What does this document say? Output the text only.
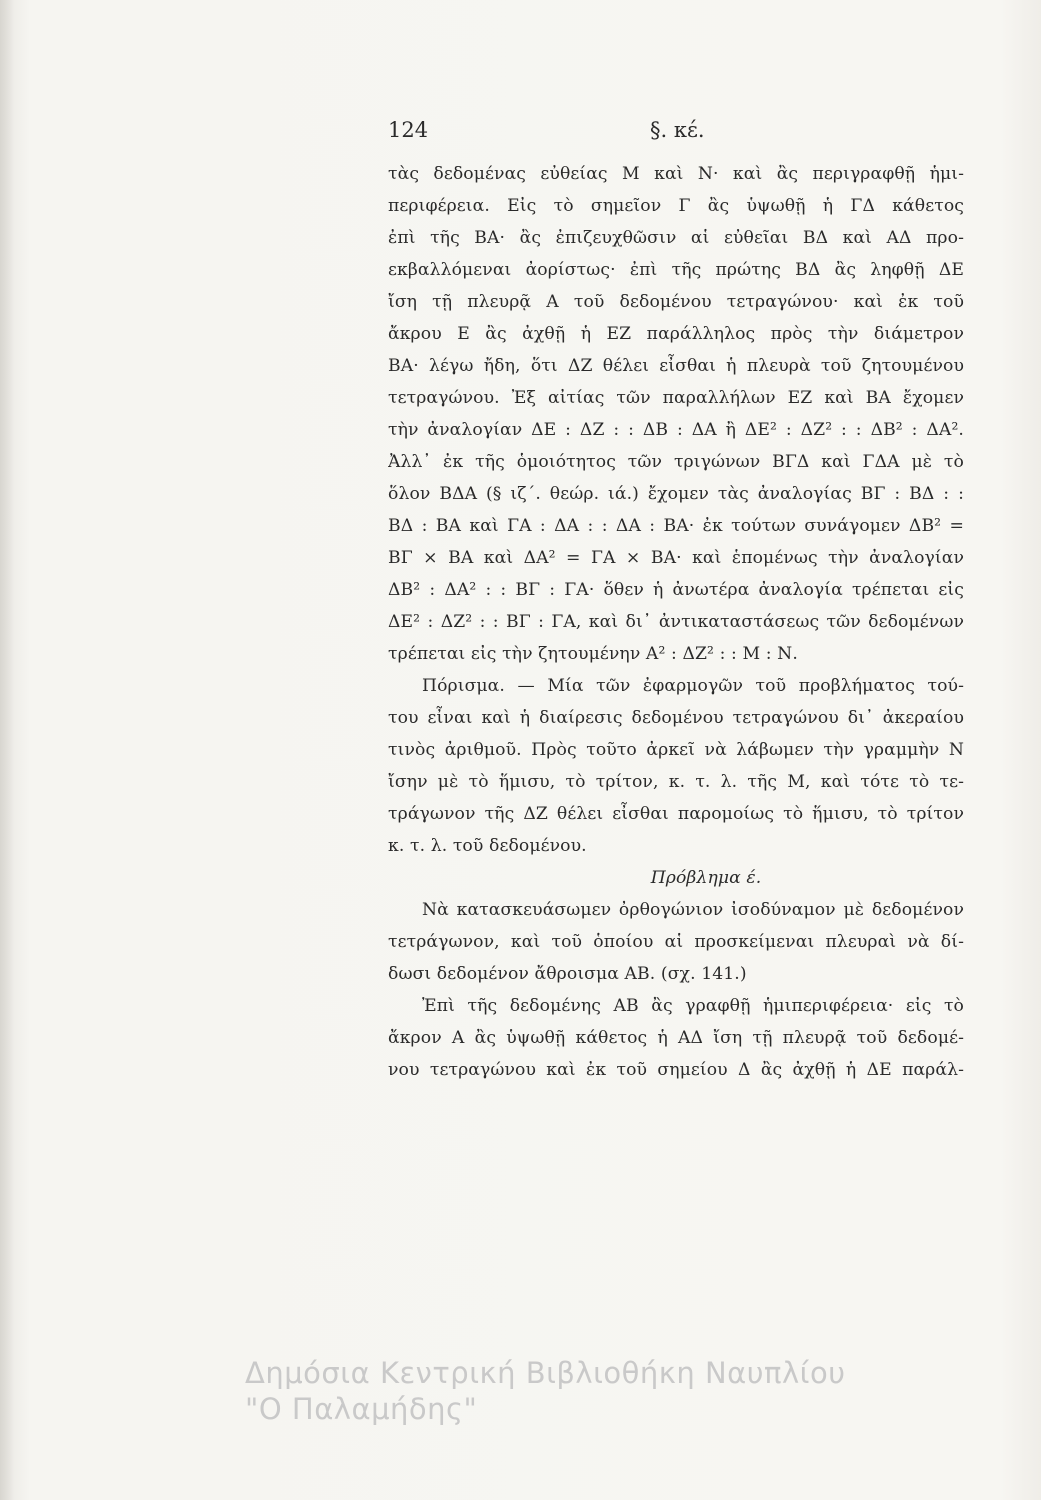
124	§. κέ.
τὰς δεδομένας εὐθείας Μ καὶ Ν· καὶ ἂς περιγραφθῇ ἡμι-
περιφέρεια. Εἰς τὸ σημεῖον Γ ἂς ὑψωθῇ ἡ ΓΔ κάθετος
ἐπὶ τῆς ΒΑ· ἂς ἐπιζευχθῶσιν αἱ εὐθεῖαι ΒΔ καὶ ΑΔ προ-
εκβαλλόμεναι ἀορίστως· ἐπὶ τῆς πρώτης ΒΔ ἂς ληφθῇ ΔΕ
ἴση τῇ πλευρᾷ Α τοῦ δεδομένου τετραγώνου· καὶ ἐκ τοῦ
ἄκρου Ε ἂς ἀχθῇ ἡ ΕΖ παράλληλος πρὸς τὴν διάμετρον
ΒΑ· λέγω ἤδη, ὅτι ΔΖ θέλει εἶσθαι ἡ πλευρὰ τοῦ ζητουμένου
τετραγώνου. Ἐξ αἰτίας τῶν παραλλήλων ΕΖ καὶ ΒΑ ἔχομεν
τὴν ἀναλογίαν ΔΕ : ΔΖ : : ΔΒ : ΔΑ ἢ ΔΕ² : ΔΖ² : : ΔΒ² : ΔΑ².
Ἀλλ᾿ ἐκ τῆς ὁμοιότητος τῶν τριγώνων ΒΓΔ καὶ ΓΔΑ μὲ τὸ
ὅλον ΒΔΑ (§ ιζ΄. θεώρ. ιά.) ἔχομεν τὰς ἀναλογίας ΒΓ : ΒΔ : :
ΒΔ : ΒΑ καὶ ΓΑ : ΔΑ : : ΔΑ : ΒΑ· ἐκ τούτων συνάγομεν ΔΒ² =
ΒΓ × ΒΑ καὶ ΔΑ² = ΓΑ × ΒΑ· καὶ ἑπομένως τὴν ἀναλογίαν
ΔΒ² : ΔΑ² : : ΒΓ : ΓΑ· ὅθεν ἡ ἀνωτέρα ἀναλογία τρέπεται εἰς
ΔΕ² : ΔΖ² : : ΒΓ : ΓΑ, καὶ δι᾿ ἀντικαταστάσεως τῶν δεδομένων
τρέπεται εἰς τὴν ζητουμένην Α² : ΔΖ² : : Μ : Ν.
Πόρισμα. — Μία τῶν ἐφαρμογῶν τοῦ προβλήματος τού-
του εἶναι καὶ ἡ διαίρεσις δεδομένου τετραγώνου δι᾿ ἀκεραίου
τινὸς ἀριθμοῦ. Πρὸς τοῦτο ἀρκεῖ νὰ λάβωμεν τὴν γραμμὴν Ν
ἴσην μὲ τὸ ἥμισυ, τὸ τρίτον, κ. τ. λ. τῆς Μ, καὶ τότε τὸ τε-
τράγωνον τῆς ΔΖ θέλει εἶσθαι παρομοίως τὸ ἥμισυ, τὸ τρίτον
κ. τ. λ. τοῦ δεδομένου.
Πρόβλημα έ.
Νὰ κατασκευάσωμεν ὀρθογώνιον ἰσοδύναμον μὲ δεδομένον
τετράγωνον, καὶ τοῦ ὁποίου αἱ προσκείμεναι πλευραὶ νὰ δί-
δωσι δεδομένον ἄθροισμα ΑΒ. (σχ. 141.)
Ἐπὶ τῆς δεδομένης ΑΒ ἂς γραφθῇ ἡμιπεριφέρεια· εἰς τὸ
ἄκρον Α ἂς ὑψωθῇ κάθετος ἡ ΑΔ ἴση τῇ πλευρᾷ τοῦ δεδομέ-
νου τετραγώνου καὶ ἐκ τοῦ σημείου Δ ἂς ἀχθῇ ἡ ΔΕ παράλ-
Δημόσια Κεντρική Βιβλιοθήκη Ναυπλίου
"Ο Παλαμήδης"
